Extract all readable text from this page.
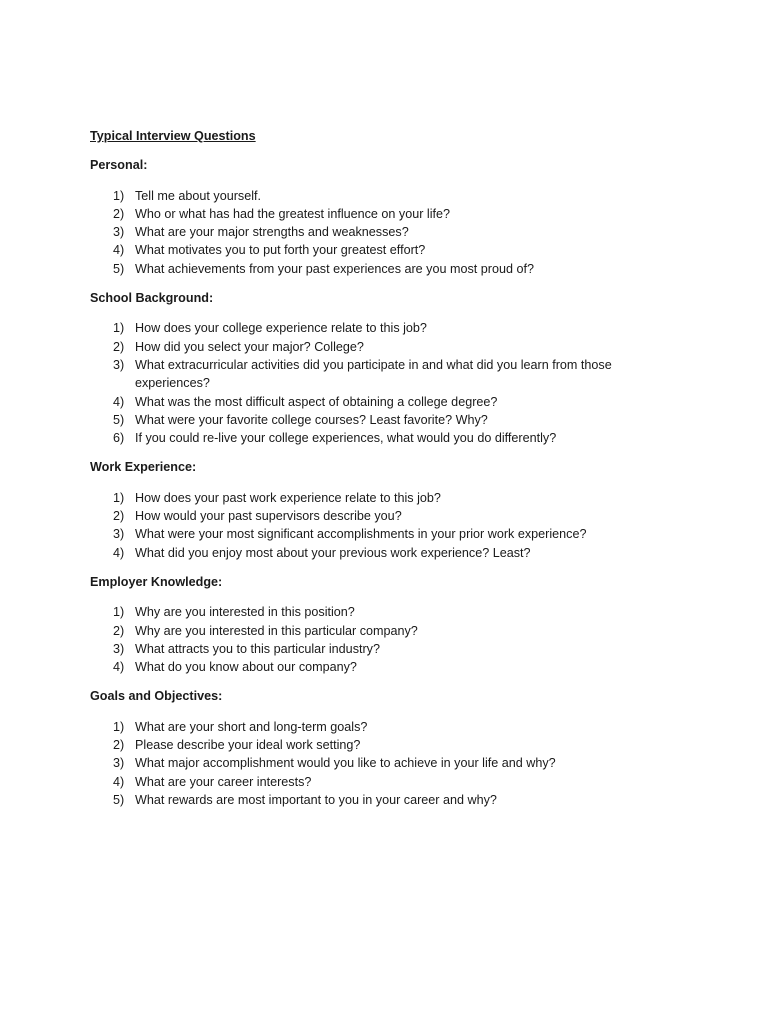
Typical Interview Questions
Personal:
1) Tell me about yourself.
2) Who or what has had the greatest influence on your life?
3) What are your major strengths and weaknesses?
4) What motivates you to put forth your greatest effort?
5) What achievements from your past experiences are you most proud of?
School Background:
1) How does your college experience relate to this job?
2) How did you select your major? College?
3) What extracurricular activities did you participate in and what did you learn from those experiences?
4) What was the most difficult aspect of obtaining a college degree?
5) What were your favorite college courses? Least favorite? Why?
6) If you could re-live your college experiences, what would you do differently?
Work Experience:
1) How does your past work experience relate to this job?
2) How would your past supervisors describe you?
3) What were your most significant accomplishments in your prior work experience?
4) What did you enjoy most about your previous work experience? Least?
Employer Knowledge:
1) Why are you interested in this position?
2) Why are you interested in this particular company?
3) What attracts you to this particular industry?
4) What do you know about our company?
Goals and Objectives:
1) What are your short and long-term goals?
2) Please describe your ideal work setting?
3) What major accomplishment would you like to achieve in your life and why?
4) What are your career interests?
5) What rewards are most important to you in your career and why?
